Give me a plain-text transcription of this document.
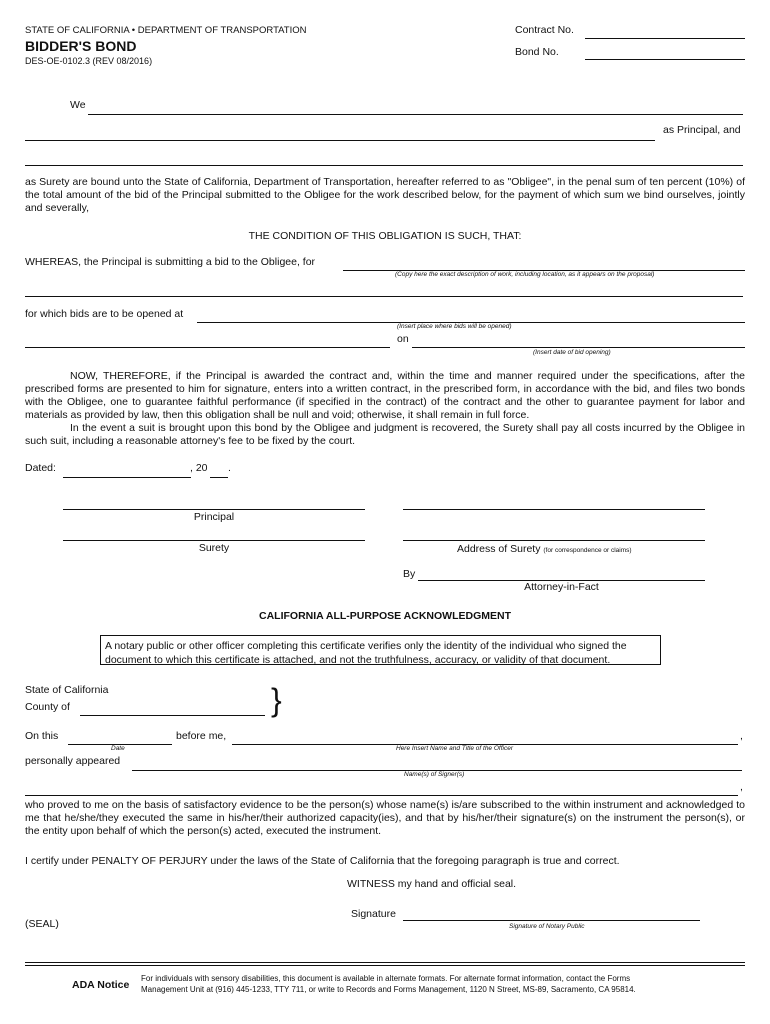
STATE OF CALIFORNIA • DEPARTMENT OF TRANSPORTATION
BIDDER'S BOND
DES-OE-0102.3 (REV 08/2016)
Contract No.
Bond No.
We
as Principal, and
as Surety are bound unto the State of California, Department of Transportation, hereafter referred to as "Obligee", in the penal sum of ten percent (10%) of the total amount of the bid of the Principal submitted to the Obligee for the work described below, for the payment of which sum we bind ourselves, jointly and severally,
THE CONDITION OF THIS OBLIGATION IS SUCH, THAT:
WHEREAS, the Principal is submitting a bid to the Obligee, for
(Copy here the exact description of work, including location, as it appears on the proposal)
for which bids are to be opened at
(Insert place where bids will be opened)
on
(Insert date of bid opening)
NOW, THEREFORE, if the Principal is awarded the contract and, within the time and manner required under the specifications, after the prescribed forms are presented to him for signature, enters into a written contract, in the prescribed form, in accordance with the bid, and files two bonds with the Obligee, one to guarantee faithful performance (if specified in the contract) of the contract and the other to guarantee payment for labor and materials as provided by law, then this obligation shall be null and void; otherwise, it shall remain in full force.
In the event a suit is brought upon this bond by the Obligee and judgment is recovered, the Surety shall pay all costs incurred by the Obligee in such suit, including a reasonable attorney's fee to be fixed by the court.
Dated:	, 20 .
Principal
Surety	Address of Surety (for correspondence or claims)
By
Attorney-in-Fact
CALIFORNIA ALL-PURPOSE ACKNOWLEDGMENT
A notary public or other officer completing this certificate verifies only the identity of the individual who signed the
document to which this certificate is attached, and not the truthfulness, accuracy, or validity of that document.
State of California
County of	}
On this	before me,	,
Date	Here Insert Name and Title of the Officer
personally appeared
Name(s) of Signer(s)
,
who proved to me on the basis of satisfactory evidence to be the person(s) whose name(s) is/are subscribed to the within instrument and acknowledged to me that he/she/they executed the same in his/her/their authorized capacity(ies), and that by his/her/their signature(s) on the instrument the person(s), or the entity upon behalf of which the person(s) acted, executed the instrument.
I certify under PENALTY OF PERJURY under the laws of the State of California that the foregoing paragraph is true and correct.
WITNESS my hand and official seal.
Signature
(SEAL)	Signature of Notary Public
ADA Notice
For individuals with sensory disabilities, this document is available in alternate formats. For alternate format information, contact the Forms
Management Unit at (916) 445-1233, TTY 711, or write to Records and Forms Management, 1120 N Street, MS-89, Sacramento, CA 95814.
